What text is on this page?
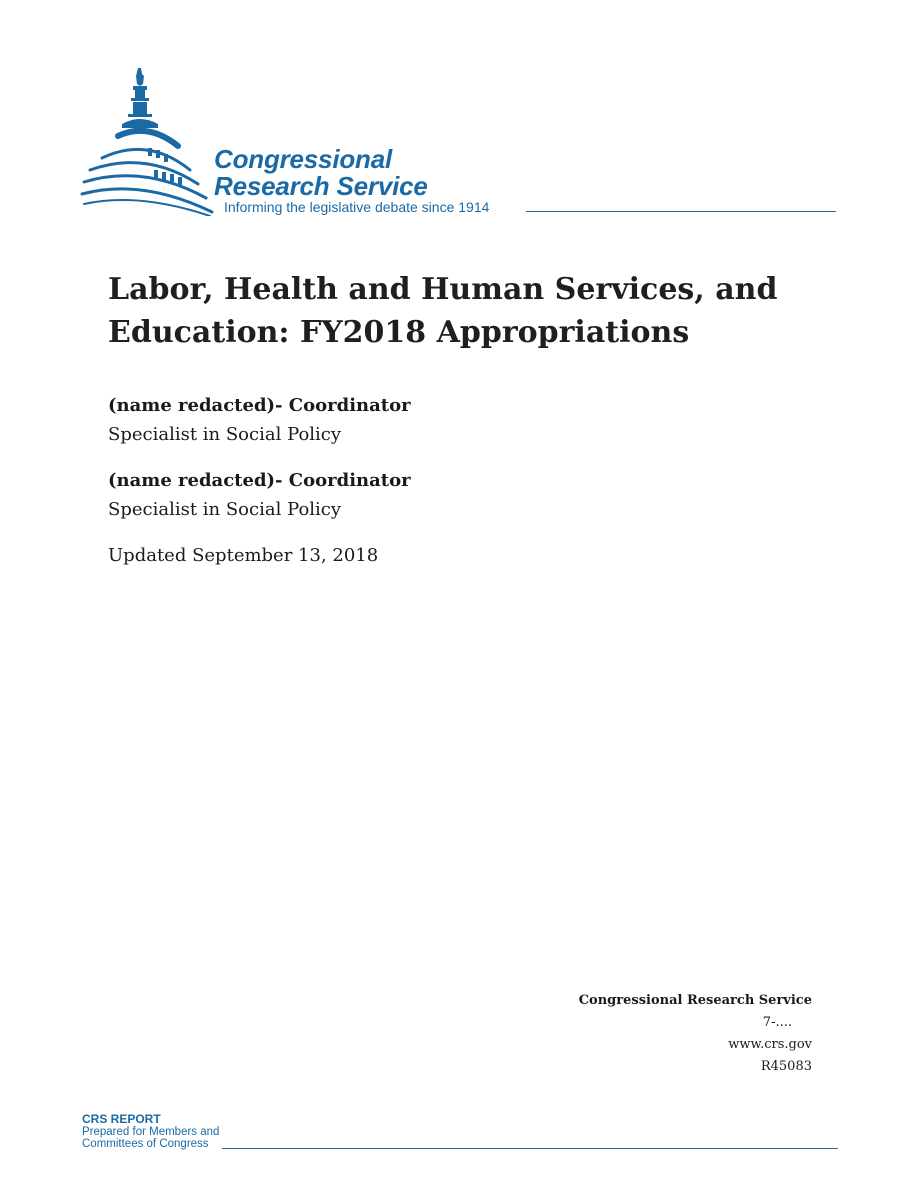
Congressional
Research Service
Informing the legislative debate since 1914
Labor, Health and Human Services, and
Education: FY2018 Appropriations
(name redacted)- Coordinator
Specialist in Social Policy
(name redacted)- Coordinator
Specialist in Social Policy
Updated September 13, 2018
Congressional Research Service
7-....
www.crs.gov
R45083
CRS REPORT
Prepared for Members and
Committees of Congress
